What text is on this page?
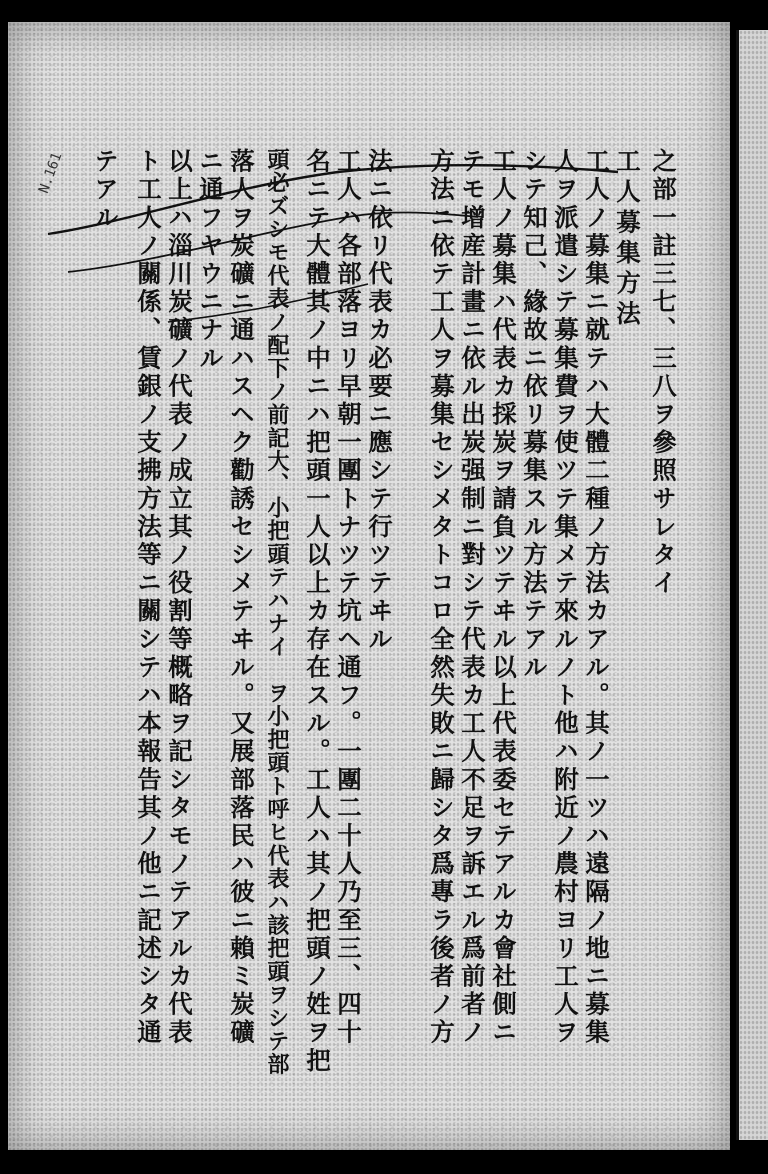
N.161	之部一註三七、三八ヲ參照サレタイ
工人募集方法
工人ノ募集ニ就テハ大體二種ノ方法カアル。其ノ一ツハ遠隔ノ地ニ募集
人ヲ派遣シテ募集費ヲ使ツテ集メテ來ルノト他ハ附近ノ農村ヨリ工人ヲ
シテ知己、緣故ニ依リ募集スル方法テアル
工人ノ募集ハ代表カ採炭ヲ請負ツテヰル以上代表委セテアルカ會社側ニ
テモ增産計畫ニ依ル出炭强制ニ對シテ代表カ工人不足ヲ訴エル爲前者ノ
方法ニ依テ工人ヲ募集セシメタトコロ全然失敗ニ歸シタ爲專ラ後者ノ方
法ニ依リ代表カ必要ニ應シテ行ツテヰル
工人ハ各部落ヨリ早朝一團トナツテ坑ヘ通フ。一團二十人乃至三、四十
名ニテ大體其ノ中ニハ把頭一人以上カ存在スル。工人ハ其ノ把頭ノ姓ヲ把
頭必ズシモ代表ノ配下ノ前記大、小把頭テハナイ　ヲ小把頭ト呼ヒ代表ハ該把頭ヲシテ部
落人ヲ炭礦ニ通ハスヘク勸誘セシメテヰル。又展部落民ハ彼ニ賴ミ炭礦
ニ通フヤウニナル
以上ハ淄川炭礦ノ代表ノ成立其ノ役割等概略ヲ記シタモノテアルカ代表
ト工人ノ關係、賃銀ノ支拂方法等ニ關シテハ本報告其ノ他ニ記述シタ通
テアル
